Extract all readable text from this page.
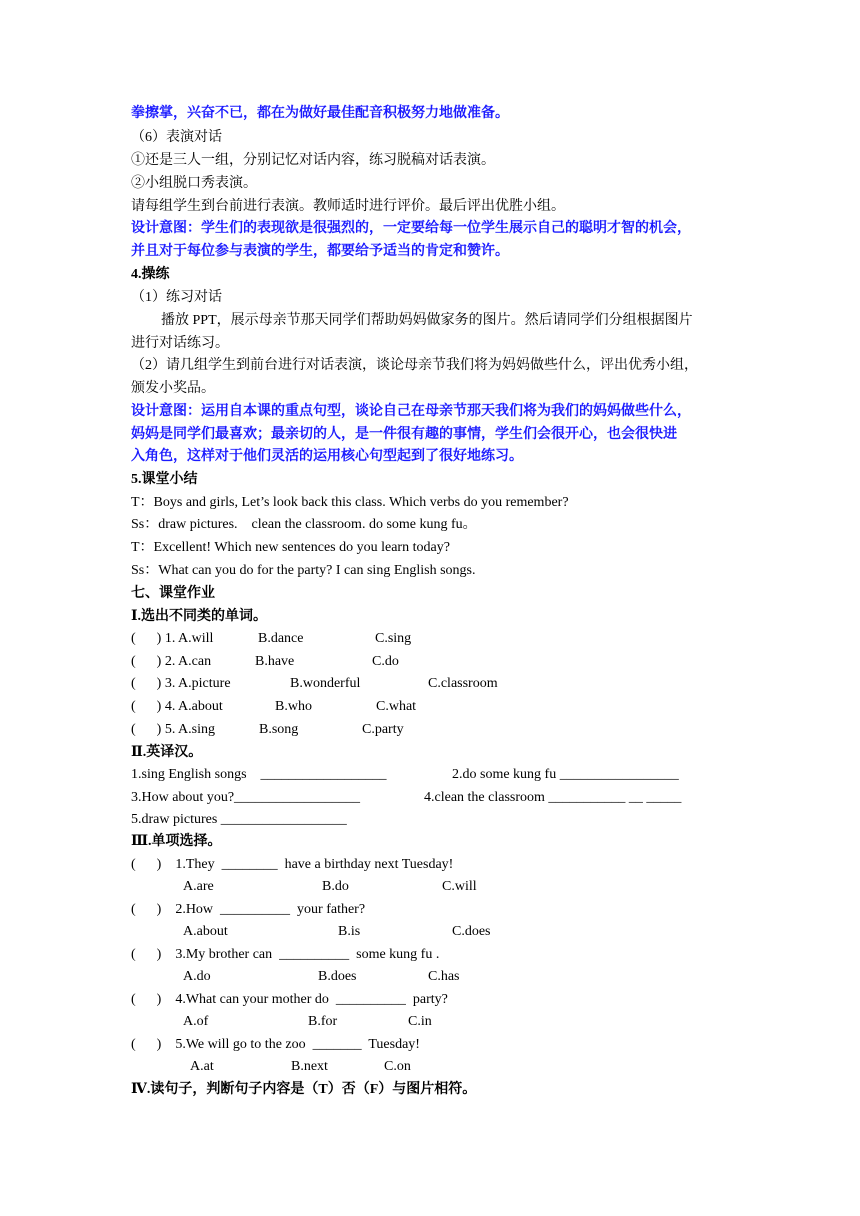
拳擦掌，兴奋不已，都在为做好最佳配音积极努力地做准备。
（6）表演对话
①还是三人一组，分别记忆对话内容，练习脱稿对话表演。
②小组脱口秀表演。
请每组学生到台前进行表演。教师适时进行评价。最后评出优胜小组。
设计意图：学生们的表现欲是很强烈的，一定要给每一位学生展示自己的聪明才智的机会，
并且对于每位参与表演的学生，都要给予适当的肯定和赞许。
4.操练
（1）练习对话
播放 PPT，展示母亲节那天同学们帮助妈妈做家务的图片。然后请同学们分组根据图片
进行对话练习。
（2）请几组学生到前台进行对话表演，谈论母亲节我们将为妈妈做些什么，评出优秀小组，
颁发小奖品。
设计意图：运用自本课的重点句型，谈论自己在母亲节那天我们将为我们的妈妈做些什么，
妈妈是同学们最喜欢；最亲切的人，是一件很有趣的事情，学生们会很开心，也会很快进
入角色，这样对于他们灵活的运用核心句型起到了很好地练习。
5.课堂小结
T：Boys and girls, Let’s look back this class. Which verbs do you remember?
Ss：draw pictures.    clean the classroom. do some kung fu。
T：Excellent! Which new sentences do you learn today?
Ss：What can you do for the party? I can sing English songs.
七、课堂作业
Ⅰ.选出不同类的单词。
(      ) 1. A.will	B.dance	C.sing
(      ) 2. A.can	B.have	C.do
(      ) 3. A.picture	B.wonderful	C.classroom
(      ) 4. A.about	B.who	C.what
(      ) 5. A.sing	B.song	C.party
Ⅱ.英译汉。
1.sing English songs    __________________	2.do some kung fu _________________
3.How about you?__________________	4.clean the classroom ___________ __ _____
5.draw pictures __________________
Ⅲ.单项选择。
(      )    1.They  ________  have a birthday next Tuesday!
A.are	B.do	C.will
(      )    2.How  __________  your father?
A.about	B.is	C.does
(      )    3.My brother can  __________  some kung fu .
A.do	B.does	C.has
(      )    4.What can your mother do  __________  party?
A.of	B.for	C.in
(      )    5.We will go to the zoo  _______  Tuesday!
A.at	B.next	C.on
Ⅳ.读句子，判断句子内容是（T）否（F）与图片相符。
